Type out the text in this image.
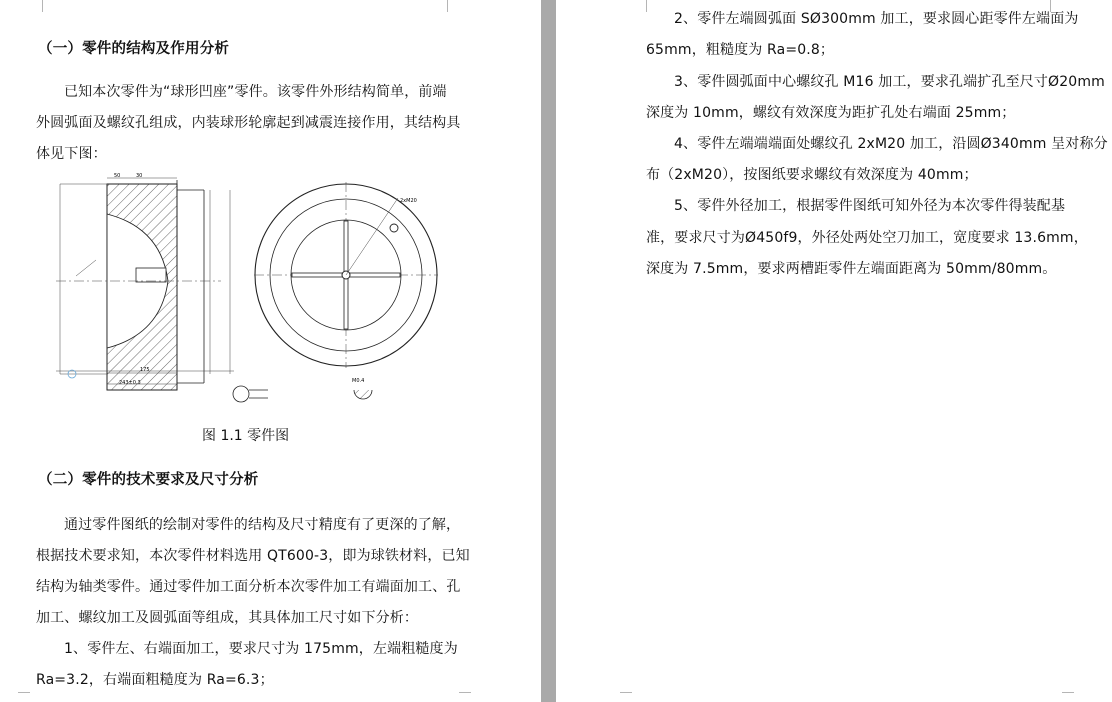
（一）零件的结构及作用分析
已知本次零件为“球形凹座”零件。该零件外形结构简单，前端
外圆弧面及螺纹孔组成，内装球形轮廓起到减震连接作用，其结构具
体见下图：
50	30
175
243±0.3
2xM20
M0.4
图 1.1 零件图
（二）零件的技术要求及尺寸分析
通过零件图纸的绘制对零件的结构及尺寸精度有了更深的了解，
根据技术要求知，本次零件材料选用 QT600-3，即为球铁材料，已知
结构为轴类零件。通过零件加工面分析本次零件加工有端面加工、孔
加工、螺纹加工及圆弧面等组成，其具体加工尺寸如下分析：
1、零件左、右端面加工，要求尺寸为 175mm，左端粗糙度为
Ra=3.2，右端面粗糙度为 Ra=6.3；
2、零件左端圆弧面 SØ300mm 加工，要求圆心距零件左端面为
65mm，粗糙度为 Ra=0.8；
3、零件圆弧面中心螺纹孔 M16 加工，要求孔端扩孔至尺寸Ø20mm
深度为 10mm，螺纹有效深度为距扩孔处右端面 25mm；
4、零件左端端端面处螺纹孔 2xM20 加工，沿圆Ø340mm 呈对称分
布（2xM20），按图纸要求螺纹有效深度为 40mm；
5、零件外径加工，根据零件图纸可知外径为本次零件得装配基
准，要求尺寸为Ø450f9，外径处两处空刀加工，宽度要求 13.6mm，
深度为 7.5mm，要求两槽距零件左端面距离为 50mm/80mm。
